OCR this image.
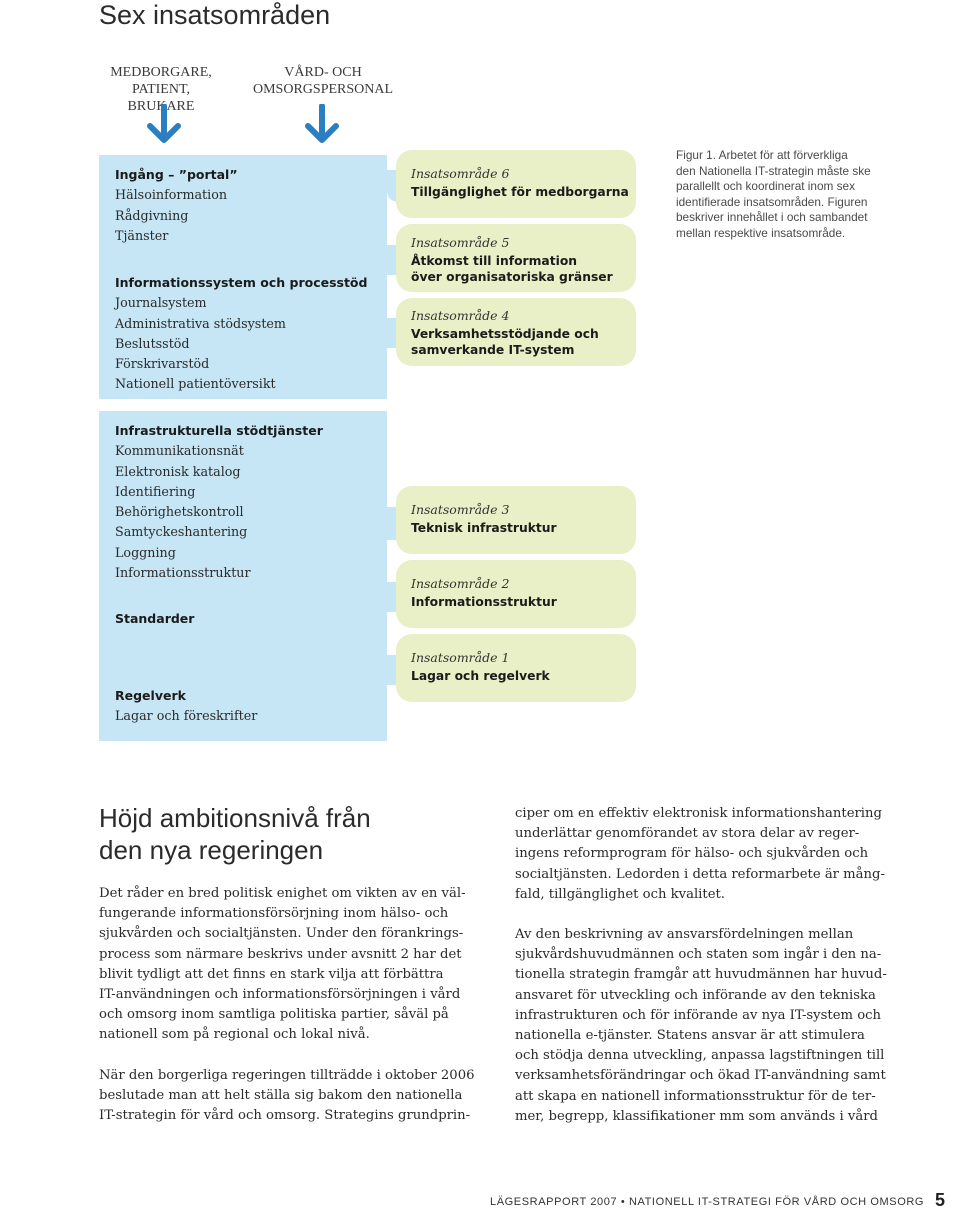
Sex insatsområden
MEDBORGARE,
PATIENT, BRUKARE
VÅRD- OCH
OMSORGSPERSONAL
Ingång – ”portal”
Hälsoinformation
Rådgivning
Tjänster
Informationssystem och processtöd
Journalsystem
Administrativa stödsystem
Beslutsstöd
Förskrivarstöd
Nationell patientöversikt
Infrastrukturella stödtjänster
Kommunikationsnät
Elektronisk katalog
Identifiering
Behörighetskontroll
Samtyckeshantering
Loggning
Informationsstruktur
Standarder
Regelverk
Lagar och föreskrifter
Insatsområde 6
Tillgänglighet för medborgarna
Insatsområde 5
Åtkomst till information
över organisatoriska gränser
Insatsområde 4
Verksamhetsstödjande och
samverkande IT-system
Insatsområde 3
Teknisk infrastruktur
Insatsområde 2
Informationsstruktur
Insatsområde 1
Lagar och regelverk
Figur 1. Arbetet för att förverkliga
den Nationella IT-strategin måste ske
parallellt och koordinerat inom sex
identifierade insatsområden. Figuren
beskriver innehållet i och sambandet
mellan respektive insatsområde.
Höjd ambitionsnivå från
den nya regeringen
Det råder en bred politisk enighet om vikten av en väl-
fungerande informationsförsörjning inom hälso- och
sjukvården och socialtjänsten. Under den förankrings-
process som närmare beskrivs under avsnitt 2 har det
blivit tydligt att det finns en stark vilja att förbättra
IT-användningen och informationsförsörjningen i vård
och omsorg inom samtliga politiska partier, såväl på
nationell som på regional och lokal nivå.
När den borgerliga regeringen tillträdde i oktober 2006
beslutade man att helt ställa sig bakom den nationella
IT-strategin för vård och omsorg. Strategins grundprin-
ciper om en effektiv elektronisk informationshantering
underlättar genomförandet av stora delar av reger-
ingens reformprogram för hälso- och sjukvården och
socialtjänsten. Ledorden i detta reformarbete är mång-
fald, tillgänglighet och kvalitet.
Av den beskrivning av ansvarsfördelningen mellan
sjukvårdshuvudmännen och staten som ingår i den na-
tionella strategin framgår att huvudmännen har huvud-
ansvaret för utveckling och införande av den tekniska
infrastrukturen och för införande av nya IT-system och
nationella e-tjänster. Statens ansvar är att stimulera
och stödja denna utveckling, anpassa lagstiftningen till
verksamhetsförändringar och ökad IT-användning samt
att skapa en nationell informationsstruktur för de ter-
mer, begrepp, klassifikationer mm som används i vård
LÄGESRAPPORT 2007 • NATIONELL IT-STRATEGI FÖR VÅRD OCH OMSORG 5
